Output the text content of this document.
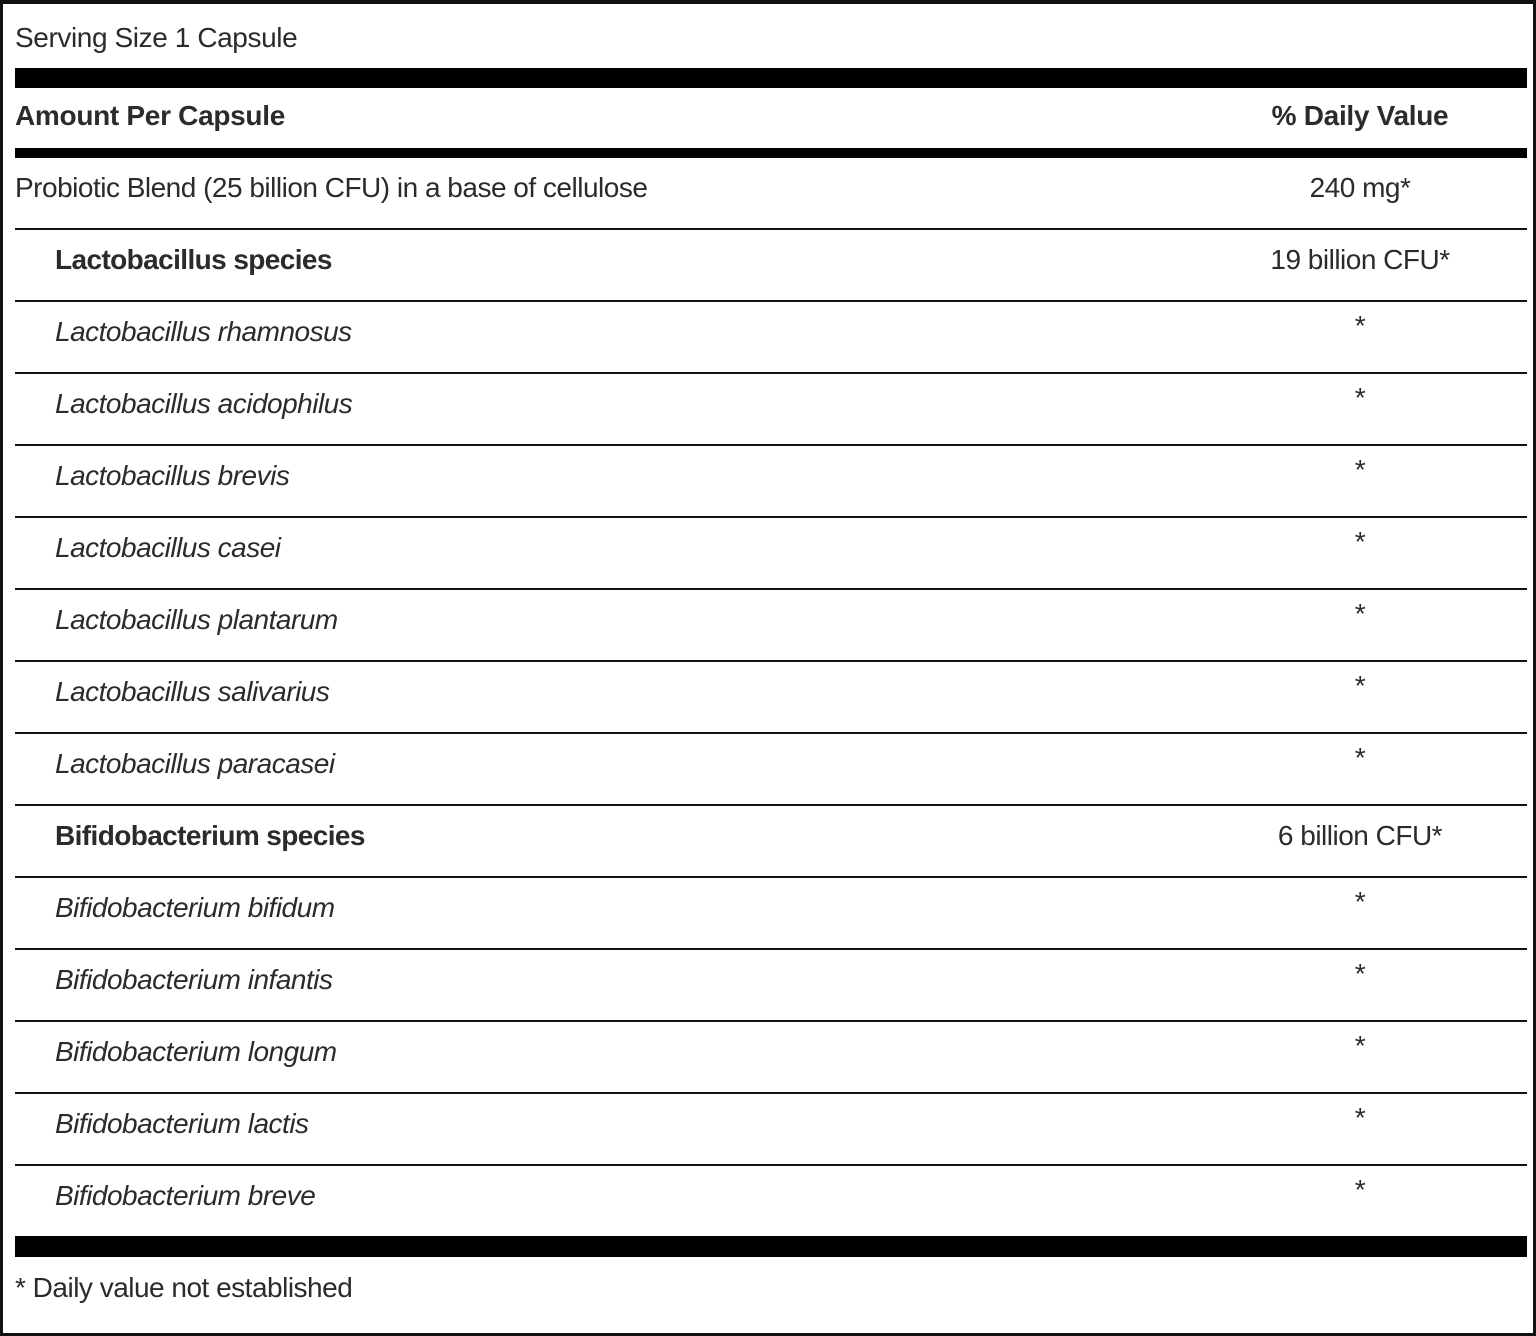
Serving Size 1 Capsule
Amount Per Capsule	% Daily Value
Probiotic Blend (25 billion CFU) in a base of cellulose	240 mg*
Lactobacillus species	19 billion CFU*
Lactobacillus rhamnosus	*
Lactobacillus acidophilus	*
Lactobacillus brevis	*
Lactobacillus casei	*
Lactobacillus plantarum	*
Lactobacillus salivarius	*
Lactobacillus paracasei	*
Bifidobacterium species	6 billion CFU*
Bifidobacterium bifidum	*
Bifidobacterium infantis	*
Bifidobacterium longum	*
Bifidobacterium lactis	*
Bifidobacterium breve	*
* Daily value not established
